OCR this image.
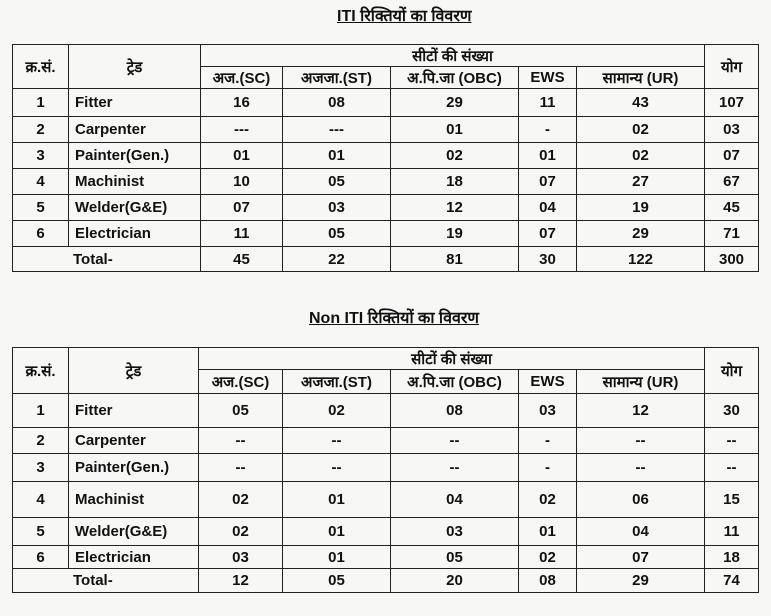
ITI रिक्तियों का विवरण
क्र.सं.	ट्रेड	सीटों की संख्या					योग
		अज.(SC)	अजजा.(ST)	अ.पि.जा (OBC)	EWS	सामान्य (UR)	
1	Fitter	16	08	29	11	43	107
2	Carpenter	---	---	01	-	02	03
3	Painter(Gen.)	01	01	02	01	02	07
4	Machinist	10	05	18	07	27	67
5	Welder(G&E)	07	03	12	04	19	45
6	Electrician	11	05	19	07	29	71
Total-		45	22	81	30	122	300
Non ITI रिक्तियों का विवरण
क्र.सं.	ट्रेड	सीटों की संख्या					योग
		अज.(SC)	अजजा.(ST)	अ.पि.जा (OBC)	EWS	सामान्य (UR)	
1	Fitter	05	02	08	03	12	30
2	Carpenter	--	--	--	-	--	--
3	Painter(Gen.)	--	--	--	-	--	--
4	Machinist	02	01	04	02	06	15
5	Welder(G&E)	02	01	03	01	04	11
6	Electrician	03	01	05	02	07	18
Total-		12	05	20	08	29	74
